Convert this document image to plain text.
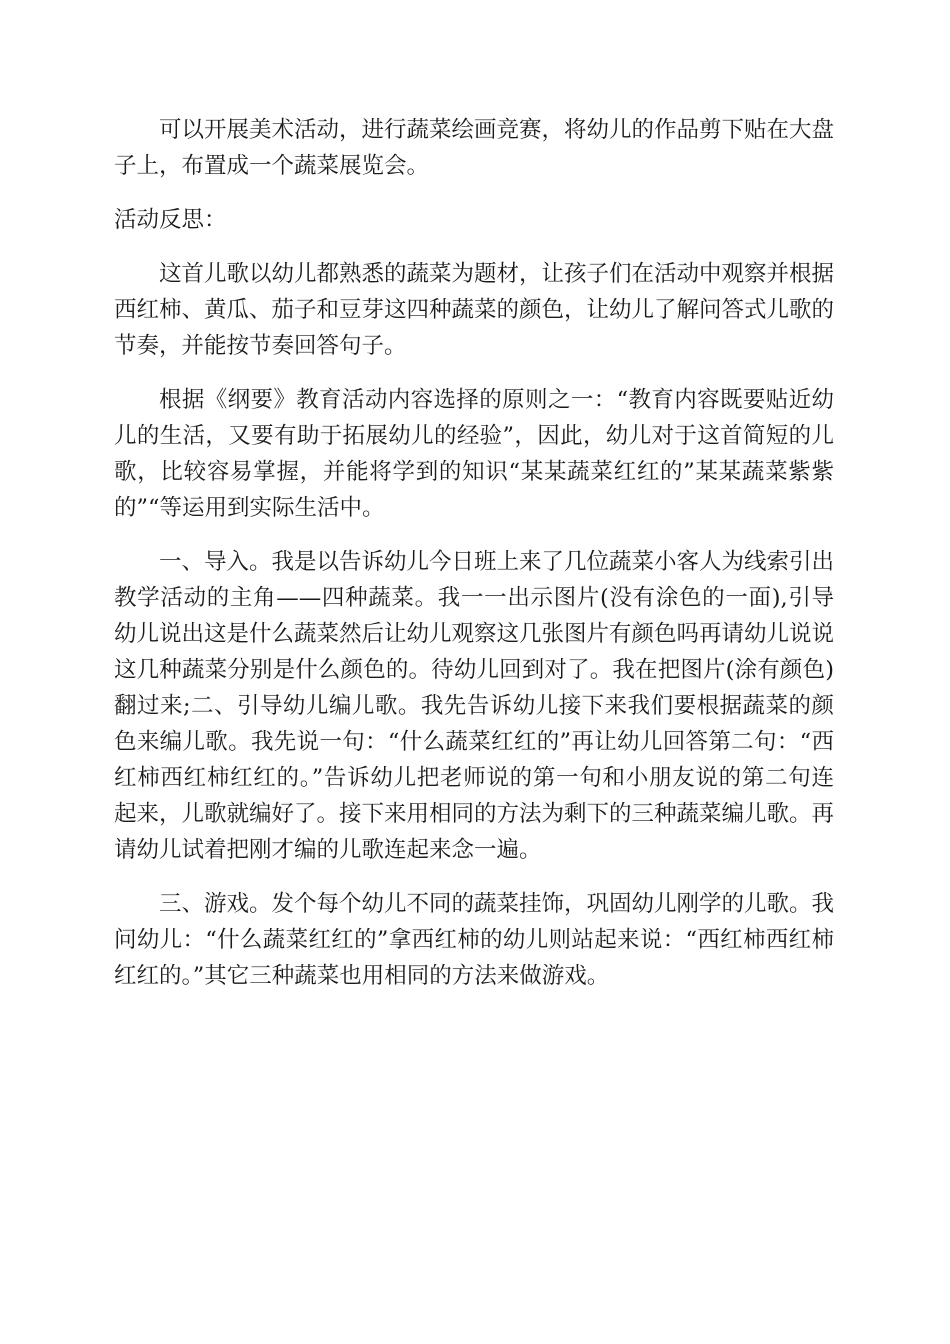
可以开展美术活动，进行蔬菜绘画竞赛，将幼儿的作品剪下贴在大盘子上，布置成一个蔬菜展览会。

活动反思：

这首儿歌以幼儿都熟悉的蔬菜为题材，让孩子们在活动中观察并根据西红柿、黄瓜、茄子和豆芽这四种蔬菜的颜色，让幼儿了解问答式儿歌的节奏，并能按节奏回答句子。

根据《纲要》教育活动内容选择的原则之一：“教育内容既要贴近幼儿的生活，又要有助于拓展幼儿的经验”，因此，幼儿对于这首简短的儿歌，比较容易掌握，并能将学到的知识“某某蔬菜红红的”某某蔬菜紫紫的”“等运用到实际生活中。

一、导入。我是以告诉幼儿今日班上来了几位蔬菜小客人为线索引出教学活动的主角——四种蔬菜。我一一出示图片(没有涂色的一面),引导幼儿说出这是什么蔬菜然后让幼儿观察这几张图片有颜色吗再请幼儿说说这几种蔬菜分别是什么颜色的。待幼儿回到对了。我在把图片(涂有颜色)翻过来;二、引导幼儿编儿歌。我先告诉幼儿接下来我们要根据蔬菜的颜色来编儿歌。我先说一句：“什么蔬菜红红的”再让幼儿回答第二句：“西红柿西红柿红红的。”告诉幼儿把老师说的第一句和小朋友说的第二句连起来，儿歌就编好了。接下来用相同的方法为剩下的三种蔬菜编儿歌。再请幼儿试着把刚才编的儿歌连起来念一遍。

三、游戏。发个每个幼儿不同的蔬菜挂饰，巩固幼儿刚学的儿歌。我问幼儿：“什么蔬菜红红的”拿西红柿的幼儿则站起来说：“西红柿西红柿红红的。”其它三种蔬菜也用相同的方法来做游戏。
